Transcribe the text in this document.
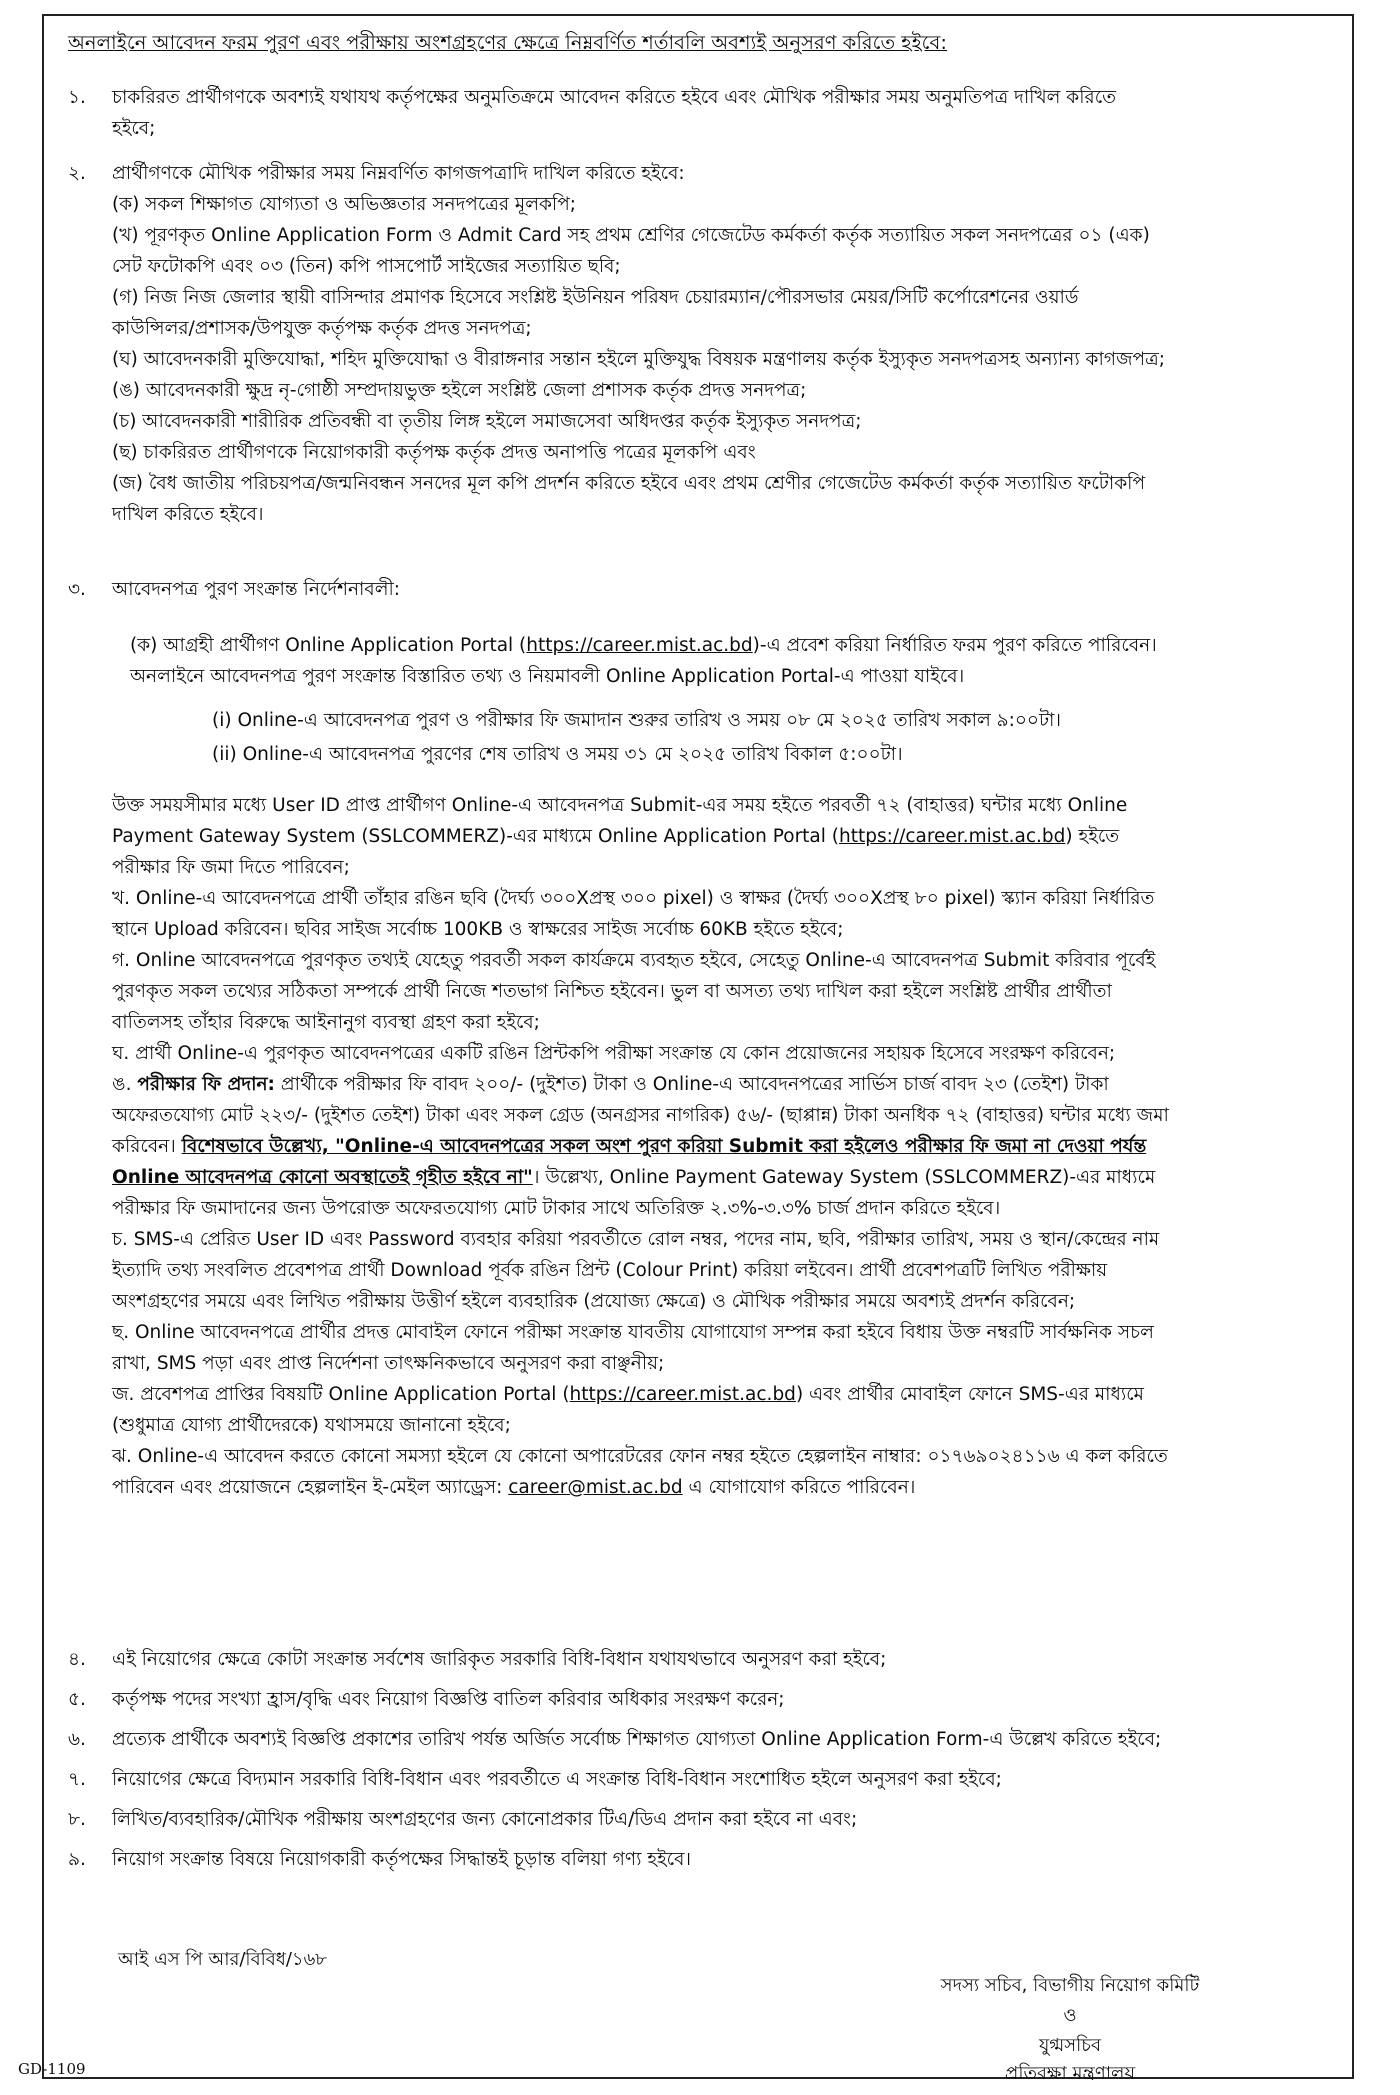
অনলাইনে আবেদন ফরম পুরণ এবং পরীক্ষায় অংশগ্রহণের ক্ষেত্রে নিম্নবর্ণিত শর্তাবলি অবশ্যই অনুসরণ করিতে হইবে:
১. চাকরিরত প্রার্থীগণকে অবশ্যই যথাযথ কর্তৃপক্ষের অনুমতিক্রমে আবেদন করিতে হইবে এবং মৌখিক পরীক্ষার সময় অনুমতিপত্র দাখিল করিতে
হইবে;
২. প্রার্থীগণকে মৌখিক পরীক্ষার সময় নিম্নবর্ণিত কাগজপত্রাদি দাখিল করিতে হইবে:
(ক) সকল শিক্ষাগত যোগ্যতা ও অভিজ্ঞতার সনদপত্রের মূলকপি;
(খ) পূরণকৃত Online Application Form ও Admit Card সহ প্রথম শ্রেণির গেজেটেড কর্মকর্তা কর্তৃক সত্যায়িত সকল সনদপত্রের ০১ (এক)
সেট ফটোকপি এবং ০৩ (তিন) কপি পাসপোর্ট সাইজের সত্যায়িত ছবি;
(গ) নিজ নিজ জেলার স্থায়ী বাসিন্দার প্রমাণক হিসেবে সংশ্লিষ্ট ইউনিয়ন পরিষদ চেয়ারম্যান/পৌরসভার মেয়র/সিটি কর্পোরেশনের ওয়ার্ড
কাউন্সিলর/প্রশাসক/উপযুক্ত কর্তৃপক্ষ কর্তৃক প্রদত্ত সনদপত্র;
(ঘ) আবেদনকারী মুক্তিযোদ্ধা, শহিদ মুক্তিযোদ্ধা ও বীরাঙ্গনার সন্তান হইলে মুক্তিযুদ্ধ বিষয়ক মন্ত্রণালয় কর্তৃক ইস্যুকৃত সনদপত্রসহ অন্যান্য কাগজপত্র;
(ঙ) আবেদনকারী ক্ষুদ্র নৃ-গোষ্ঠী সম্প্রদায়ভুক্ত হইলে সংশ্লিষ্ট জেলা প্রশাসক কর্তৃক প্রদত্ত সনদপত্র;
(চ) আবেদনকারী শারীরিক প্রতিবন্ধী বা তৃতীয় লিঙ্গ হইলে সমাজসেবা অধিদপ্তর কর্তৃক ইস্যুকৃত সনদপত্র;
(ছ) চাকরিরত প্রার্থীগণকে নিয়োগকারী কর্তৃপক্ষ কর্তৃক প্রদত্ত অনাপত্তি পত্রের মূলকপি এবং
(জ) বৈধ জাতীয় পরিচয়পত্র/জন্মনিবন্ধন সনদের মূল কপি প্রদর্শন করিতে হইবে এবং প্রথম শ্রেণীর গেজেটেড কর্মকর্তা কর্তৃক সত্যায়িত ফটোকপি
দাখিল করিতে হইবে।
৩. আবেদনপত্র পুরণ সংক্রান্ত নির্দেশনাবলী:
(ক) আগ্রহী প্রার্থীগণ Online Application Portal (https://career.mist.ac.bd)-এ প্রবেশ করিয়া নির্ধারিত ফরম পুরণ করিতে পারিবেন।
অনলাইনে আবেদনপত্র পুরণ সংক্রান্ত বিস্তারিত তথ্য ও নিয়মাবলী Online Application Portal-এ পাওয়া যাইবে।
(i) Online-এ আবেদনপত্র পুরণ ও পরীক্ষার ফি জমাদান শুরুর তারিখ ও সময় ০৮ মে ২০২৫ তারিখ সকাল ৯:০০টা।
(ii) Online-এ আবেদনপত্র পুরণের শেষ তারিখ ও সময় ৩১ মে ২০২৫ তারিখ বিকাল ৫:০০টা।
উক্ত সময়সীমার মধ্যে User ID প্রাপ্ত প্রার্থীগণ Online-এ আবেদনপত্র Submit-এর সময় হইতে পরবর্তী ৭২ (বাহাত্তর) ঘন্টার মধ্যে Online
Payment Gateway System (SSLCOMMERZ)-এর মাধ্যমে Online Application Portal (https://career.mist.ac.bd) হইতে
পরীক্ষার ফি জমা দিতে পারিবেন;
খ. Online-এ আবেদনপত্রে প্রার্থী তাঁহার রঙিন ছবি (দৈর্ঘ্য ৩০০Xপ্রস্থ ৩০০ pixel) ও স্বাক্ষর (দৈর্ঘ্য ৩০০Xপ্রস্থ ৮০ pixel) স্ক্যান করিয়া নির্ধারিত
স্থানে Upload করিবেন। ছবির সাইজ সর্বোচ্চ 100KB ও স্বাক্ষরের সাইজ সর্বোচ্চ 60KB হইতে হইবে;
গ. Online আবেদনপত্রে পুরণকৃত তথ্যই যেহেতু পরবর্তী সকল কার্যক্রমে ব্যবহৃত হইবে, সেহেতু Online-এ আবেদনপত্র Submit করিবার পূর্বেই
পুরণকৃত সকল তথ্যের সঠিকতা সম্পর্কে প্রার্থী নিজে শতভাগ নিশ্চিত হইবেন। ভুল বা অসত্য তথ্য দাখিল করা হইলে সংশ্লিষ্ট প্রার্থীর প্রার্থীতা
বাতিলসহ তাঁহার বিরুদ্ধে আইনানুগ ব্যবস্থা গ্রহণ করা হইবে;
ঘ. প্রার্থী Online-এ পুরণকৃত আবেদনপত্রের একটি রঙিন প্রিন্টকপি পরীক্ষা সংক্রান্ত যে কোন প্রয়োজনের সহায়ক হিসেবে সংরক্ষণ করিবেন;
ঙ. পরীক্ষার ফি প্রদান: প্রার্থীকে পরীক্ষার ফি বাবদ ২০০/- (দুইশত) টাকা ও Online-এ আবেদনপত্রের সার্ভিস চার্জ বাবদ ২৩ (তেইশ) টাকা
অফেরতযোগ্য মোট ২২৩/- (দুইশত তেইশ) টাকা এবং সকল গ্রেড (অনগ্রসর নাগরিক) ৫৬/- (ছাপ্পান্ন) টাকা অনধিক ৭২ (বাহাত্তর) ঘন্টার মধ্যে জমা
করিবেন। বিশেষভাবে উল্লেখ্য, "Online-এ আবেদনপত্রের সকল অংশ পুরণ করিয়া Submit করা হইলেও পরীক্ষার ফি জমা না দেওয়া পর্যন্ত
Online আবেদনপত্র কোনো অবস্থাতেই গৃহীত হইবে না"। উল্লেখ্য, Online Payment Gateway System (SSLCOMMERZ)-এর মাধ্যমে
পরীক্ষার ফি জমাদানের জন্য উপরোক্ত অফেরতযোগ্য মোট টাকার সাথে অতিরিক্ত ২.৩%-৩.৩% চার্জ প্রদান করিতে হইবে।
চ. SMS-এ প্রেরিত User ID এবং Password ব্যবহার করিয়া পরবর্তীতে রোল নম্বর, পদের নাম, ছবি, পরীক্ষার তারিখ, সময় ও স্থান/কেন্দ্রের নাম
ইত্যাদি তথ্য সংবলিত প্রবেশপত্র প্রার্থী Download পূর্বক রঙিন প্রিন্ট (Colour Print) করিয়া লইবেন। প্রার্থী প্রবেশপত্রটি লিখিত পরীক্ষায়
অংশগ্রহণের সময়ে এবং লিখিত পরীক্ষায় উত্তীর্ণ হইলে ব্যবহারিক (প্রযোজ্য ক্ষেত্রে) ও মৌখিক পরীক্ষার সময়ে অবশ্যই প্রদর্শন করিবেন;
ছ. Online আবেদনপত্রে প্রার্থীর প্রদত্ত মোবাইল ফোনে পরীক্ষা সংক্রান্ত যাবতীয় যোগাযোগ সম্পন্ন করা হইবে বিধায় উক্ত নম্বরটি সার্বক্ষনিক সচল
রাখা, SMS পড়া এবং প্রাপ্ত নির্দেশনা তাৎক্ষনিকভাবে অনুসরণ করা বাঞ্ছনীয়;
জ. প্রবেশপত্র প্রাপ্তির বিষয়টি Online Application Portal (https://career.mist.ac.bd) এবং প্রার্থীর মোবাইল ফোনে SMS-এর মাধ্যমে
(শুধুমাত্র যোগ্য প্রার্থীদেরকে) যথাসময়ে জানানো হইবে;
ঝ. Online-এ আবেদন করতে কোনো সমস্যা হইলে যে কোনো অপারেটরের ফোন নম্বর হইতে হেল্পলাইন নাম্বার: ০১৭৬৯০২৪১১৬ এ কল করিতে
পারিবেন এবং প্রয়োজনে হেল্পলাইন ই-মেইল অ্যাড্রেস: career@mist.ac.bd এ যোগাযোগ করিতে পারিবেন।
৪. এই নিয়োগের ক্ষেত্রে কোটা সংক্রান্ত সর্বশেষ জারিকৃত সরকারি বিধি-বিধান যথাযথভাবে অনুসরণ করা হইবে;
৫. কর্তৃপক্ষ পদের সংখ্যা হ্রাস/বৃদ্ধি এবং নিয়োগ বিজ্ঞপ্তি বাতিল করিবার অধিকার সংরক্ষণ করেন;
৬. প্রত্যেক প্রার্থীকে অবশ্যই বিজ্ঞপ্তি প্রকাশের তারিখ পর্যন্ত অর্জিত সর্বোচ্চ শিক্ষাগত যোগ্যতা Online Application Form-এ উল্লেখ করিতে হইবে;
৭. নিয়োগের ক্ষেত্রে বিদ্যমান সরকারি বিধি-বিধান এবং পরবর্তীতে এ সংক্রান্ত বিধি-বিধান সংশোধিত হইলে অনুসরণ করা হইবে;
৮. লিখিত/ব্যবহারিক/মৌখিক পরীক্ষায় অংশগ্রহণের জন্য কোনোপ্রকার টিএ/ডিএ প্রদান করা হইবে না এবং;
৯. নিয়োগ সংক্রান্ত বিষয়ে নিয়োগকারী কর্তৃপক্ষের সিদ্ধান্তই চূড়ান্ত বলিয়া গণ্য হইবে।
আই এস পি আর/বিবিধ/১৬৮
সদস্য সচিব, বিভাগীয় নিয়োগ কমিটি
ও
যুগ্মসচিব
প্রতিরক্ষা মন্ত্রণালয়
GD-1109
